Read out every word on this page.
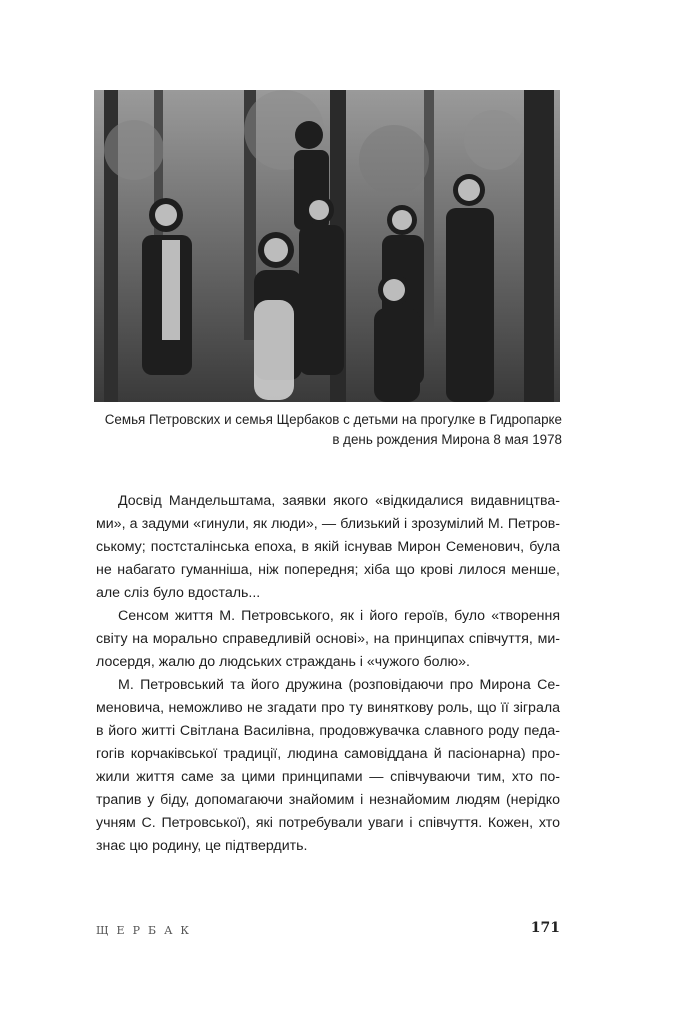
Семья Петровских и семья Щербаков с детьми на прогулке в Гидропарке
в день рождения Мирона 8 мая 1978
Досвід Мандельштама, заявки якого «відкидалися видавництва-
ми», а задуми «гинули, як люди», — близький і зрозумілий М. Петров-
ському; постсталінська епоха, в якій існував Мирон Семенович, була
не набагато гуманніша, ніж попередня; хіба що крові лилося менше,
але сліз було вдосталь...
Сенсом життя М. Петровського, як і його героїв, було «творення
світу на морально справедливій основі», на принципах співчуття, ми-
лосердя, жалю до людських страждань і «чужого болю».
М. Петровський та його дружина (розповідаючи про Мирона Се-
меновича, неможливо не згадати про ту виняткову роль, що її зіграла
в його житті Світлана Василівна, продовжувачка славного роду педа-
гогів корчаківської традиції, людина самовіддана й пасіонарна) про-
жили життя саме за цими принципами — співчуваючи тим, хто по-
трапив у біду, допомагаючи знайомим і незнайомим людям (нерідко
учням С. Петровської), які потребували уваги і співчуття. Кожен, хто
знає цю родину, це підтвердить.
ЩЕРБАК	171
